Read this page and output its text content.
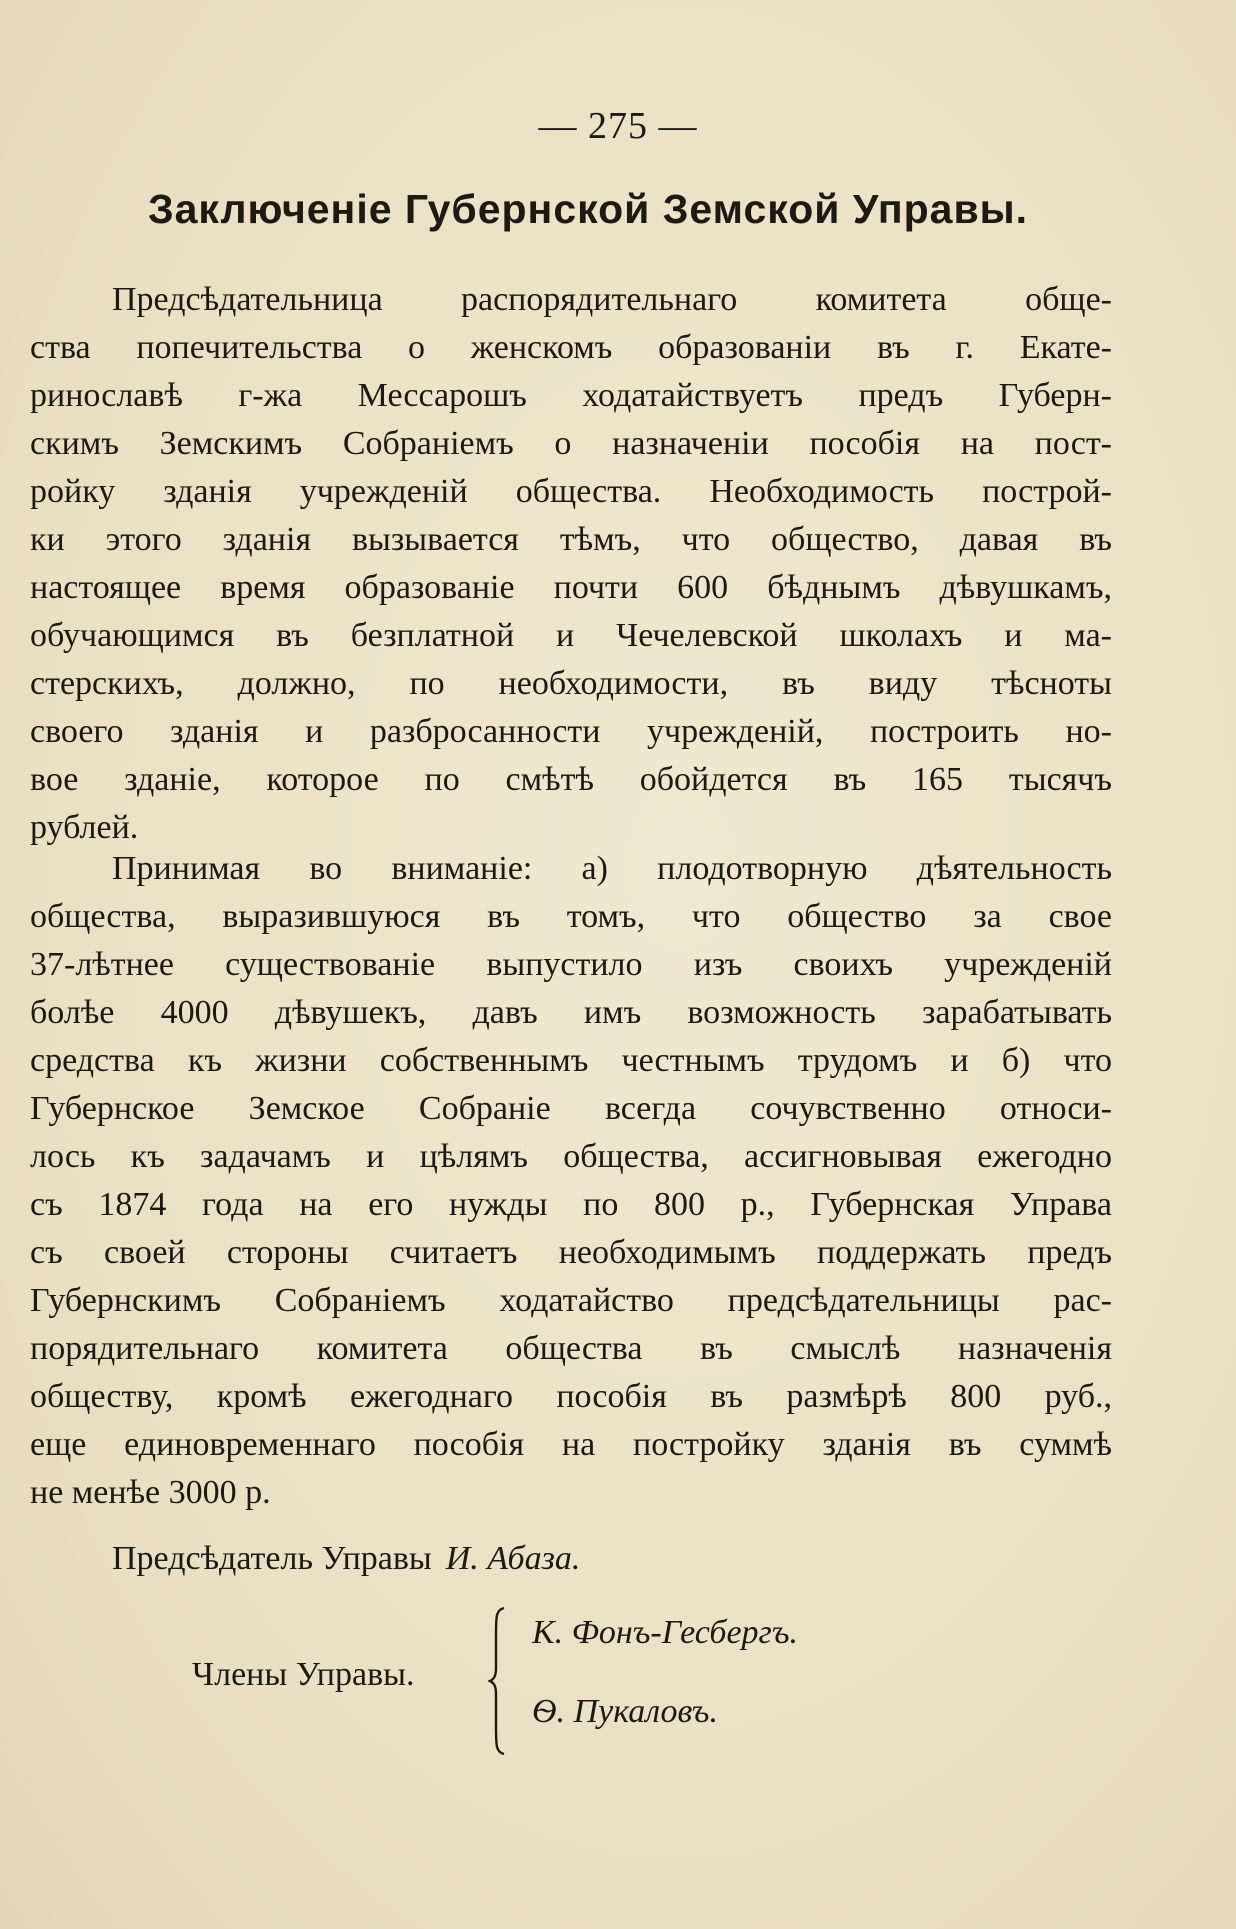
— 275 —
Заключенiе Губернской Земской Управы.
Предсѣдательница распорядительнаго комитета обще-
ства попечительства о женскомъ образованiи въ г. Екате-
ринославѣ г-жа Мессарошъ ходатайствуетъ предъ Губерн-
скимъ Земскимъ Собранiемъ о назначенiи пособiя на пост-
ройку зданiя учрежденiй общества. Необходимость построй-
ки этого зданiя вызывается тѣмъ, что общество, давая въ
настоящее время образованiе почти 600 бѣднымъ дѣвушкамъ,
обучающимся въ безплатной и Чечелевской школахъ и ма-
стерскихъ, должно, по необходимости, въ виду тѣсноты
своего зданiя и разбросанности учрежденiй, построить но-
вое зданiе, которое по смѣтѣ обойдется въ 165 тысячъ
рублей.
Принимая во вниманiе: а) плодотворную дѣятельность
общества, выразившуюся въ томъ, что общество за свое
37-лѣтнее существованiе выпустило изъ своихъ учрежденiй
болѣе 4000 дѣвушекъ, давъ имъ возможность зарабатывать
средства къ жизни собственнымъ честнымъ трудомъ и б) что
Губернское Земское Собранiе всегда сочувственно относи-
лось къ задачамъ и цѣлямъ общества, ассигновывая ежегодно
съ 1874 года на его нужды по 800 р., Губернская Управа
съ своей стороны считаетъ необходимымъ поддержать предъ
Губернскимъ Собранiемъ ходатайство предсѣдательницы рас-
порядительнаго комитета общества въ смыслѣ назначенiя
обществу, кромѣ ежегоднаго пособiя въ размѣрѣ 800 руб.,
еще единовременнаго пособiя на постройку зданiя въ суммѣ
не менѣе 3000 р.
Предсѣдатель Управы И. Абаза.
Члены Управы.
К. Фонъ-Гесбергъ.
Ѳ. Пукаловъ.
